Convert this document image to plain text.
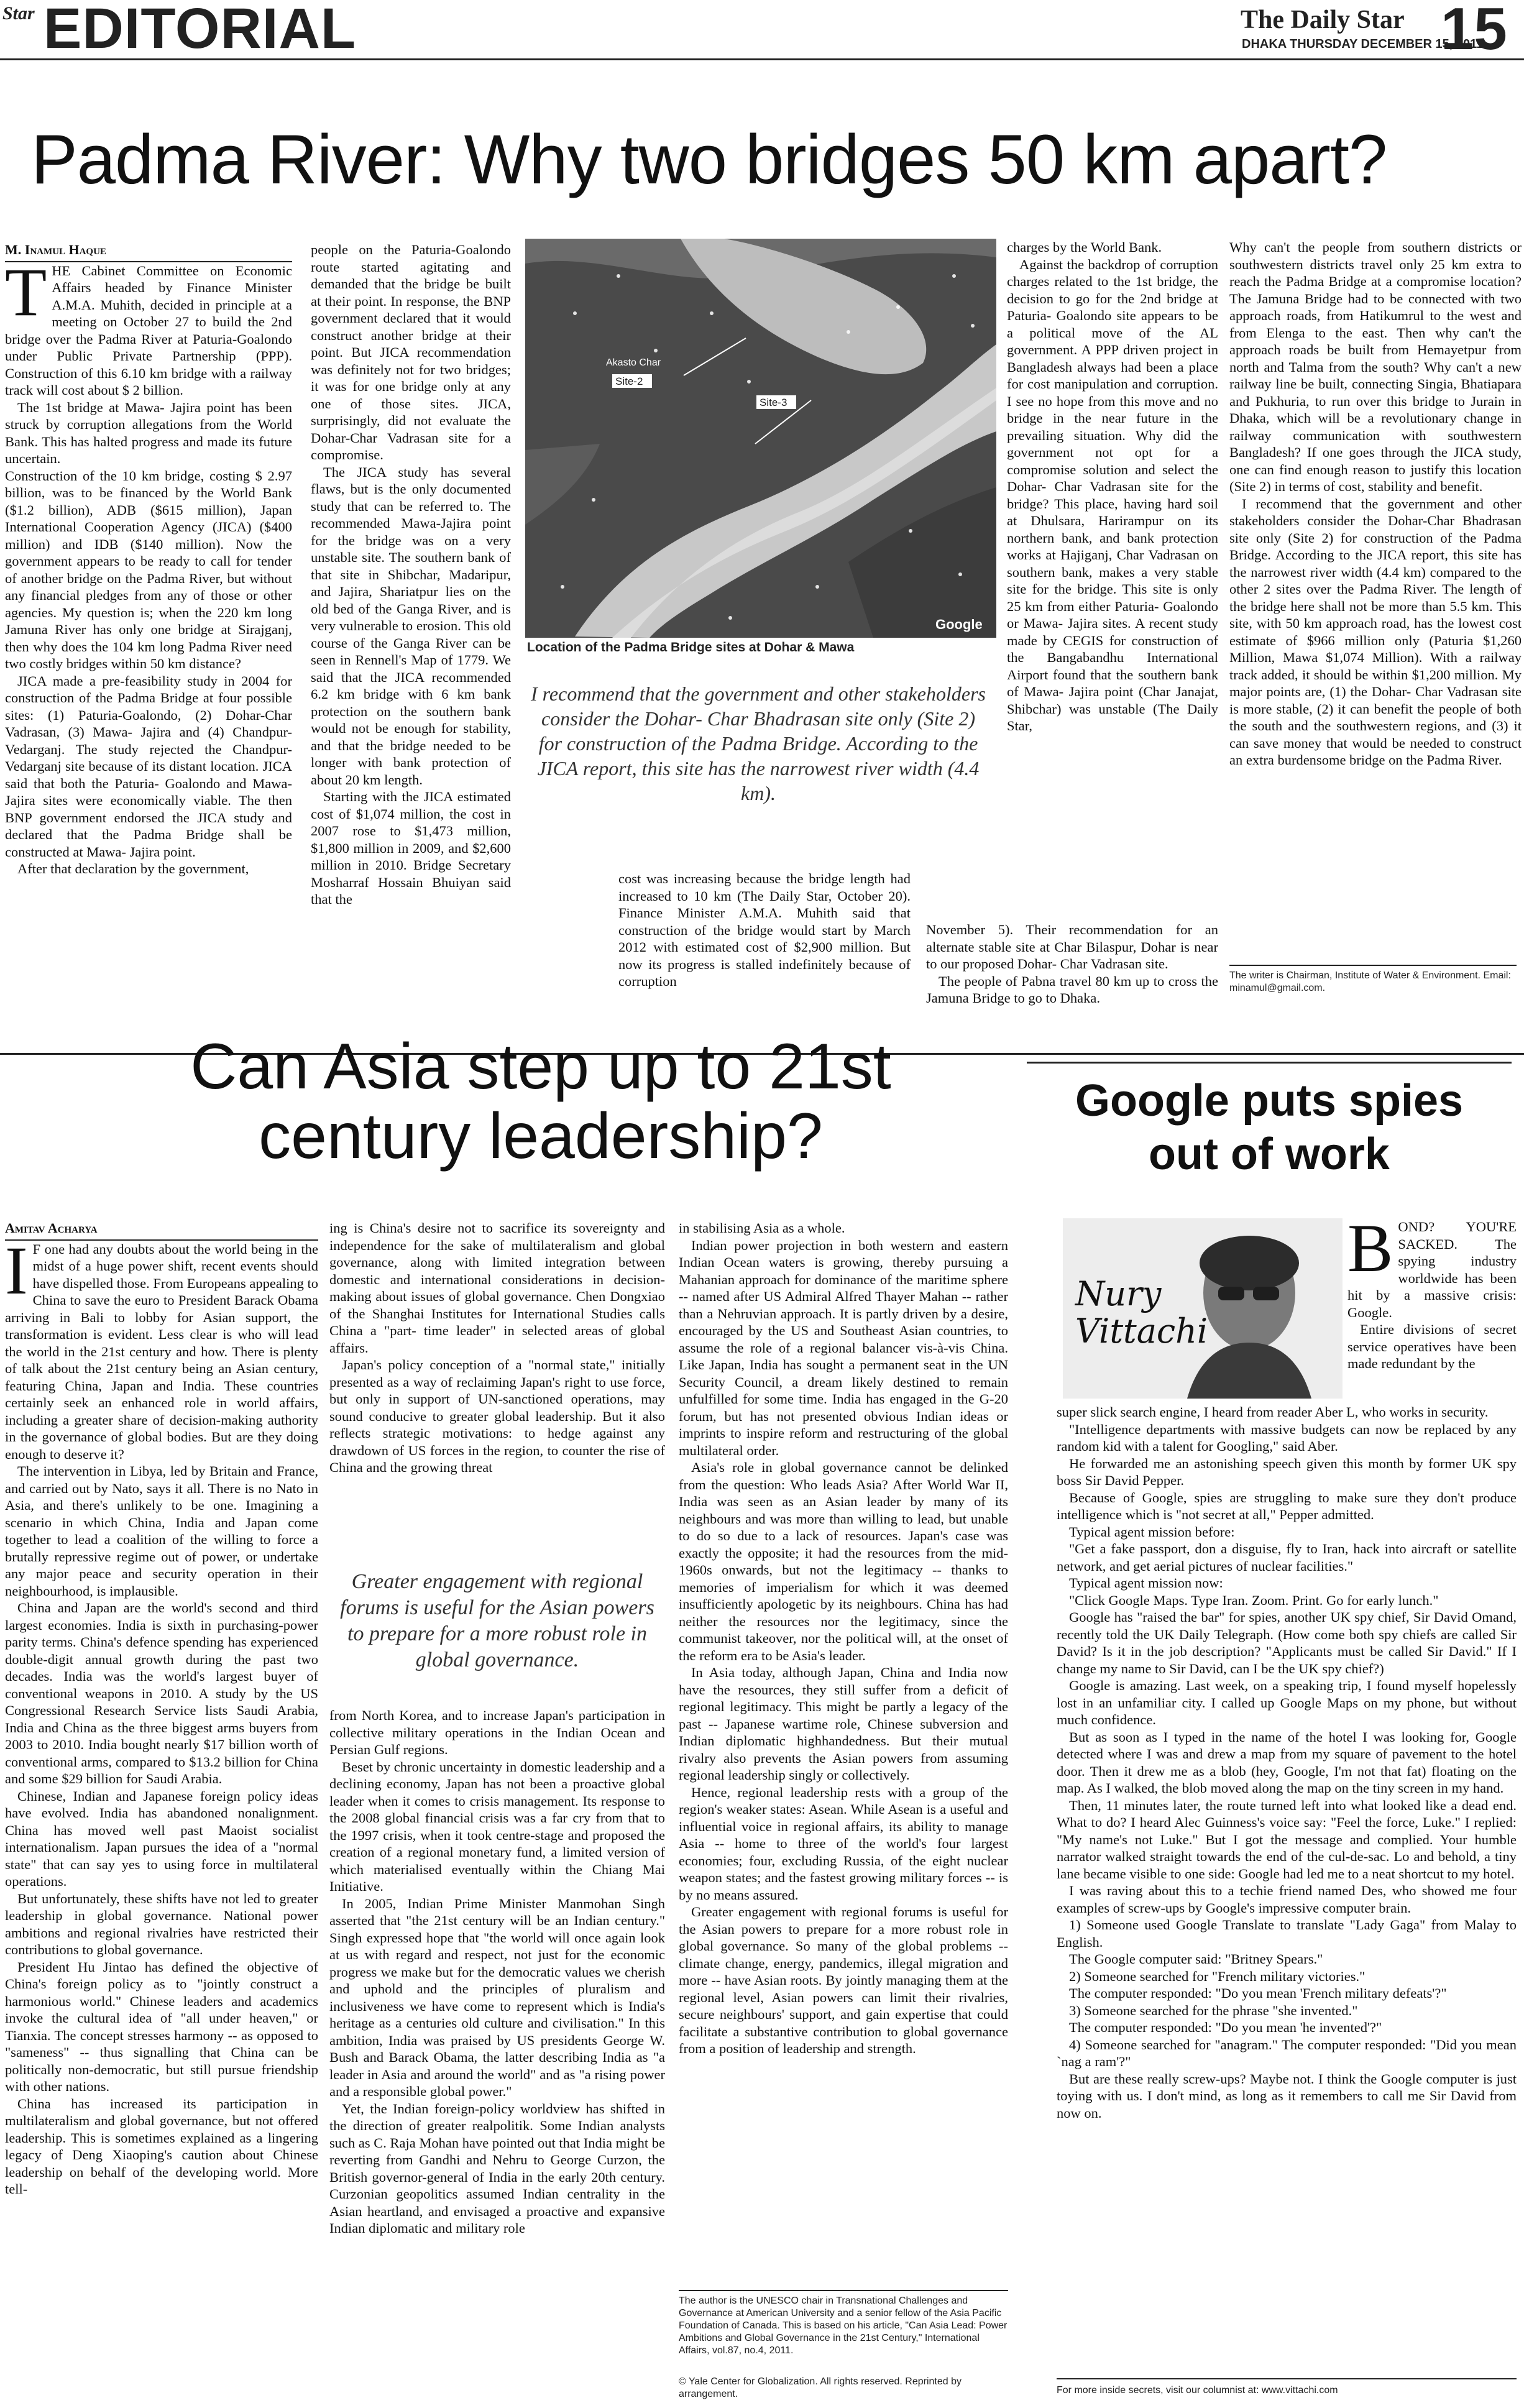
Star EDITORIAL	The Daily Star
DHAKA THURSDAY DECEMBER 15, 2011
15
Padma River: Why two bridges 50 km apart?

M. Inamul Haque

T HE Cabinet Committee on Economic Affairs headed by Finance Minister A.M.A. Muhith, decided in principle at a meeting on October 27 to build the 2nd bridge over the Padma River at Paturia-Goalondo under Public Private Partnership (PPP). Construction of this 6.10 km bridge with a railway track will cost about $ 2 billion.

The 1st bridge at Mawa- Jajira point has been struck by corruption allegations from the World Bank. This has halted progress and made its future uncertain.

Construction of the 10 km bridge, costing $ 2.97 billion, was to be financed by the World Bank ($1.2 billion), ADB ($615 million), Japan International Cooperation Agency (JICA) ($400 million) and IDB ($140 million). Now the government appears to be ready to call for tender of another bridge on the Padma River, but without any financial pledges from any of those or other agencies. My question is; when the 220 km long Jamuna River has only one bridge at Sirajganj, then why does the 104 km long Padma River need two costly bridges within 50 km distance?

JICA made a pre-feasibility study in 2004 for construction of the Padma Bridge at four possible sites: (1) Paturia-Goalondo, (2) Dohar-Char Vadrasan, (3) Mawa- Jajira and (4) Chandpur-Vedarganj. The study rejected the Chandpur-Vedarganj site because of its distant location. JICA said that both the Paturia- Goalondo and Mawa- Jajira sites were economically viable. The then BNP government endorsed the JICA study and declared that the Padma Bridge shall be constructed at Mawa- Jajira point.

After that declaration by the government,

people on the Paturia-Goalondo route started agitating and demanded that the bridge be built at their point. In response, the BNP government declared that it would construct another bridge at their point. But JICA recommendation was definitely not for two bridges; it was for one bridge only at any one of those sites. JICA, surprisingly, did not evaluate the Dohar-Char Vadrasan site for a compromise.

The JICA study has several flaws, but is the only documented study that can be referred to. The recommended Mawa-Jajira point for the bridge was on a very unstable site. The southern bank of that site in Shibchar, Madaripur, and Jajira, Shariatpur lies on the old bed of the Ganga River, and is very vulnerable to erosion. This old course of the Ganga River can be seen in Rennell's Map of 1779. We said that the JICA recommended 6.2 km bridge with 6 km bank protection on the southern bank would not be enough for stability, and that the bridge needed to be longer with bank protection of about 20 km length.

Starting with the JICA estimated cost of $1,074 million, the cost in 2007 rose to $1,473 million, $1,800 million in 2009, and $2,600 million in 2010. Bridge Secretary Mosharraf Hossain Bhuiyan said that the

Akasto Char
Site-2
Site-3
Google
Location of the Padma Bridge sites at Dohar & Mawa
I recommend that the government and other stakeholders consider the Dohar- Char Bhadrasan site only (Site 2) for construction of the Padma Bridge. According to the JICA report, this site has the narrowest river width (4.4 km).

cost was increasing because the bridge length had increased to 10 km (The Daily Star, October 20). Finance Minister A.M.A. Muhith said that construction of the bridge would start by March 2012 with estimated cost of $2,900 million. But now its progress is stalled indefinitely because of corruption

charges by the World Bank.

Against the backdrop of corruption charges related to the 1st bridge, the decision to go for the 2nd bridge at Paturia- Goalondo site appears to be a political move of the AL government. A PPP driven project in Bangladesh always had been a place for cost manipulation and corruption. I see no hope from this move and no bridge in the near future in the prevailing situation. Why did the government not opt for a compromise solution and select the Dohar- Char Vadrasan site for the bridge? This place, having hard soil at Dhulsara, Harirampur on its northern bank, and bank protection works at Hajiganj, Char Vadrasan on southern bank, makes a very stable site for the bridge. This site is only 25 km from either Paturia- Goalondo or Mawa- Jajira sites. A recent study made by CEGIS for construction of the Bangabandhu International Airport found that the southern bank of Mawa- Jajira point (Char Janajat, Shibchar) was unstable (The Daily Star,

November 5). Their recommendation for an alternate stable site at Char Bilaspur, Dohar is near to our proposed Dohar- Char Vadrasan site.

The people of Pabna travel 80 km up to cross the Jamuna Bridge to go to Dhaka.

Why can't the people from southern districts or southwestern districts travel only 25 km extra to reach the Padma Bridge at a compromise location? The Jamuna Bridge had to be connected with two approach roads, from Hatikumrul to the west and from Elenga to the east. Then why can't the approach roads be built from Hemayetpur from north and Talma from the south? Why can't a new railway line be built, connecting Singia, Bhatiapara and Pukhuria, to run over this bridge to Jurain in Dhaka, which will be a revolutionary change in railway communication with southwestern Bangladesh? If one goes through the JICA study, one can find enough reason to justify this location (Site 2) in terms of cost, stability and benefit.

I recommend that the government and other stakeholders consider the Dohar-Char Bhadrasan site only (Site 2) for construction of the Padma Bridge. According to the JICA report, this site has the narrowest river width (4.4 km) compared to the other 2 sites over the Padma River. The length of the bridge here shall not be more than 5.5 km. This site, with 50 km approach road, has the lowest cost estimate of $966 million only (Paturia $1,260 Million, Mawa $1,074 Million). With a railway track added, it should be within $1,200 million. My major points are, (1) the Dohar- Char Vadrasan site is more stable, (2) it can benefit the people of both the south and the southwestern regions, and (3) it can save money that would be needed to construct an extra burdensome bridge on the Padma River.

The writer is Chairman, Institute of Water & Environment. Email: minamul@gmail.com.
Can Asia step up to 21st
century leadership?

Amitav Acharya

I F one had any doubts about the world being in the midst of a huge power shift, recent events should have dispelled those. From Europeans appealing to China to save the euro to President Barack Obama arriving in Bali to lobby for Asian support, the transformation is evident. Less clear is who will lead the world in the 21st century and how. There is plenty of talk about the 21st century being an Asian century, featuring China, Japan and India. These countries certainly seek an enhanced role in world affairs, including a greater share of decision-making authority in the governance of global bodies. But are they doing enough to deserve it?

The intervention in Libya, led by Britain and France, and carried out by Nato, says it all. There is no Nato in Asia, and there's unlikely to be one. Imagining a scenario in which China, India and Japan come together to lead a coalition of the willing to force a brutally repressive regime out of power, or undertake any major peace and security operation in their neighbourhood, is implausible.

China and Japan are the world's second and third largest economies. India is sixth in purchasing-power parity terms. China's defence spending has experienced double-digit annual growth during the past two decades. India was the world's largest buyer of conventional weapons in 2010. A study by the US Congressional Research Service lists Saudi Arabia, India and China as the three biggest arms buyers from 2003 to 2010. India bought nearly $17 billion worth of conventional arms, compared to $13.2 billion for China and some $29 billion for Saudi Arabia.

Chinese, Indian and Japanese foreign policy ideas have evolved. India has abandoned nonalignment. China has moved well past Maoist socialist internationalism. Japan pursues the idea of a "normal state" that can say yes to using force in multilateral operations.

But unfortunately, these shifts have not led to greater leadership in global governance. National power ambitions and regional rivalries have restricted their contributions to global governance.

President Hu Jintao has defined the objective of China's foreign policy as to "jointly construct a harmonious world." Chinese leaders and academics invoke the cultural idea of "all under heaven," or Tianxia. The concept stresses harmony -- as opposed to "sameness" -- thus signalling that China can be politically non-democratic, but still pursue friendship with other nations.

China has increased its participation in multilateralism and global governance, but not offered leadership. This is sometimes explained as a lingering legacy of Deng Xiaoping's caution about Chinese leadership on behalf of the developing world. More tell-

ing is China's desire not to sacrifice its sovereignty and independence for the sake of multilateralism and global governance, along with limited integration between domestic and international considerations in decision-making about issues of global governance. Chen Dongxiao of the Shanghai Institutes for International Studies calls China a "part- time leader" in selected areas of global affairs.

Japan's policy conception of a "normal state," initially presented as a way of reclaiming Japan's right to use force, but only in support of UN-sanctioned operations, may sound conducive to greater global leadership. But it also reflects strategic motivations: to hedge against any drawdown of US forces in the region, to counter the rise of China and the growing threat

Greater engagement with regional forums is useful for the Asian powers to prepare for a more robust role in global governance.

from North Korea, and to increase Japan's participation in collective military operations in the Indian Ocean and Persian Gulf regions.

Beset by chronic uncertainty in domestic leadership and a declining economy, Japan has not been a proactive global leader when it comes to crisis management. Its response to the 2008 global financial crisis was a far cry from that to the 1997 crisis, when it took centre-stage and proposed the creation of a regional monetary fund, a limited version of which materialised eventually within the Chiang Mai Initiative.

In 2005, Indian Prime Minister Manmohan Singh asserted that "the 21st century will be an Indian century." Singh expressed hope that "the world will once again look at us with regard and respect, not just for the economic progress we make but for the democratic values we cherish and uphold and the principles of pluralism and inclusiveness we have come to represent which is India's heritage as a centuries old culture and civilisation." In this ambition, India was praised by US presidents George W. Bush and Barack Obama, the latter describing India as "a leader in Asia and around the world" and as "a rising power and a responsible global power."

Yet, the Indian foreign-policy worldview has shifted in the direction of greater realpolitik. Some Indian analysts such as C. Raja Mohan have pointed out that India might be reverting from Gandhi and Nehru to George Curzon, the British governor-general of India in the early 20th century. Curzonian geopolitics assumed Indian centrality in the Asian heartland, and envisaged a proactive and expansive Indian diplomatic and military role

in stabilising Asia as a whole.

Indian power projection in both western and eastern Indian Ocean waters is growing, thereby pursuing a Mahanian approach for dominance of the maritime sphere -- named after US Admiral Alfred Thayer Mahan -- rather than a Nehruvian approach. It is partly driven by a desire, encouraged by the US and Southeast Asian countries, to assume the role of a regional balancer vis-à-vis China. Like Japan, India has sought a permanent seat in the UN Security Council, a dream likely destined to remain unfulfilled for some time. India has engaged in the G-20 forum, but has not presented obvious Indian ideas or imprints to inspire reform and restructuring of the global multilateral order.

Asia's role in global governance cannot be delinked from the question: Who leads Asia? After World War II, India was seen as an Asian leader by many of its neighbours and was more than willing to lead, but unable to do so due to a lack of resources. Japan's case was exactly the opposite; it had the resources from the mid-1960s onwards, but not the legitimacy -- thanks to memories of imperialism for which it was deemed insufficiently apologetic by its neighbours. China has had neither the resources nor the legitimacy, since the communist takeover, nor the political will, at the onset of the reform era to be Asia's leader.

In Asia today, although Japan, China and India now have the resources, they still suffer from a deficit of regional legitimacy. This might be partly a legacy of the past -- Japanese wartime role, Chinese subversion and Indian diplomatic highhandedness. But their mutual rivalry also prevents the Asian powers from assuming regional leadership singly or collectively.

Hence, regional leadership rests with a group of the region's weaker states: Asean. While Asean is a useful and influential voice in regional affairs, its ability to manage Asia -- home to three of the world's four largest economies; four, excluding Russia, of the eight nuclear weapon states; and the fastest growing military forces -- is by no means assured.

Greater engagement with regional forums is useful for the Asian powers to prepare for a more robust role in global governance. So many of the global problems -- climate change, energy, pandemics, illegal migration and more -- have Asian roots. By jointly managing them at the regional level, Asian powers can limit their rivalries, secure neighbours' support, and gain expertise that could facilitate a substantive contribution to global governance from a position of leadership and strength.

The author is the UNESCO chair in Transnational Challenges and Governance at American University and a senior fellow of the Asia Pacific Foundation of Canada. This is based on his article, "Can Asia Lead: Power Ambitions and Global Governance in the 21st Century," International Affairs, vol.87, no.4, 2011.
© Yale Center for Globalization. All rights reserved. Reprinted by arrangement.
Google puts spies
out of work
Nury
Vittachi
B OND? YOU'RE SACKED. The spying industry worldwide has been hit by a massive crisis: Google.

Entire divisions of secret service operatives have been made redundant by the

super slick search engine, I heard from reader Aber L, who works in security.

"Intelligence departments with massive budgets can now be replaced by any random kid with a talent for Googling," said Aber.

He forwarded me an astonishing speech given this month by former UK spy boss Sir David Pepper.

Because of Google, spies are struggling to make sure they don't produce intelligence which is "not secret at all," Pepper admitted.

Typical agent mission before:

"Get a fake passport, don a disguise, fly to Iran, hack into aircraft or satellite network, and get aerial pictures of nuclear facilities."

Typical agent mission now:

"Click Google Maps. Type Iran. Zoom. Print. Go for early lunch."

Google has "raised the bar" for spies, another UK spy chief, Sir David Omand, recently told the UK Daily Telegraph. (How come both spy chiefs are called Sir David? Is it in the job description? "Applicants must be called Sir David." If I change my name to Sir David, can I be the UK spy chief?)

Google is amazing. Last week, on a speaking trip, I found myself hopelessly lost in an unfamiliar city. I called up Google Maps on my phone, but without much confidence.

But as soon as I typed in the name of the hotel I was looking for, Google detected where I was and drew a map from my square of pavement to the hotel door. Then it drew me as a blob (hey, Google, I'm not that fat) floating on the map. As I walked, the blob moved along the map on the tiny screen in my hand.

Then, 11 minutes later, the route turned left into what looked like a dead end. What to do? I heard Alec Guinness's voice say: "Feel the force, Luke." I replied: "My name's not Luke." But I got the message and complied. Your humble narrator walked straight towards the end of the cul-de-sac. Lo and behold, a tiny lane became visible to one side: Google had led me to a neat shortcut to my hotel.

I was raving about this to a techie friend named Des, who showed me four examples of screw-ups by Google's impressive computer brain.

1) Someone used Google Translate to translate "Lady Gaga" from Malay to English.

The Google computer said: "Britney Spears."

2) Someone searched for "French military victories."

The computer responded: "Do you mean 'French military defeats'?"

3) Someone searched for the phrase "she invented."

The computer responded: "Do you mean 'he invented'?"

4) Someone searched for "anagram." The computer responded: "Did you mean `nag a ram'?"

But are these really screw-ups? Maybe not. I think the Google computer is just toying with us. I don't mind, as long as it remembers to call me Sir David from now on.

For more inside secrets, visit our columnist at: www.vittachi.com
